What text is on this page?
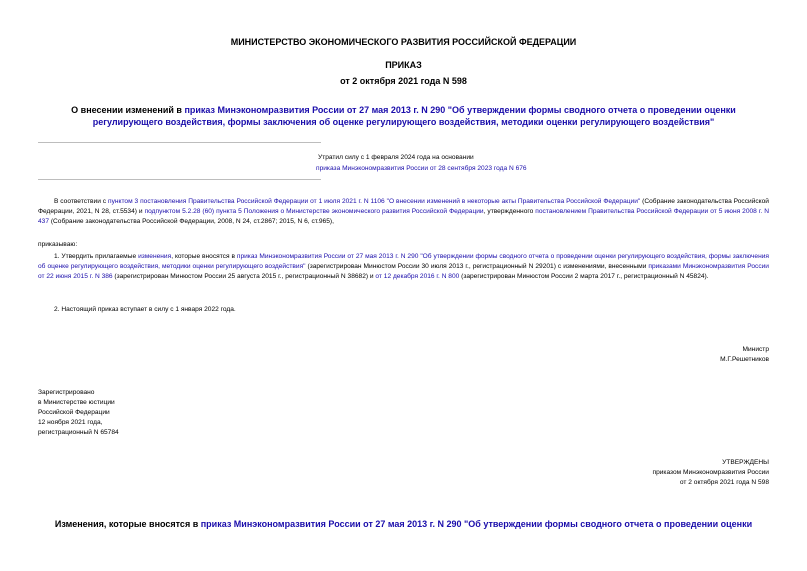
МИНИСТЕРСТВО ЭКОНОМИЧЕСКОГО РАЗВИТИЯ РОССИЙСКОЙ ФЕДЕРАЦИИ
ПРИКАЗ
от 2 октября 2021 года N 598
О внесении изменений в приказ Минэкономразвития России от 27 мая 2013 г. N 290 "Об утверждении формы сводного отчета о проведении оценки регулирующего воздействия, формы заключения об оценке регулирующего воздействия, методики оценки регулирующего воздействия"
Утратил силу с 1 февраля 2024 года на основании
приказа Минэкономразвития России от 28 сентября 2023 года N 676
В соответствии с пунктом 3 постановления Правительства Российской Федерации от 1 июля 2021 г. N 1106 "О внесении изменений в некоторые акты Правительства Российской Федерации" (Собрание законодательства Российской Федерации, 2021, N 28, ст.5534) и подпунктом 5.2.28 (60) пункта 5 Положения о Министерстве экономического развития Российской Федерации, утвержденного постановлением Правительства Российской Федерации от 5 июня 2008 г. N 437 (Собрание законодательства Российской Федерации, 2008, N 24, ст.2867; 2015, N 6, ст.965),
приказываю:
1. Утвердить прилагаемые изменения, которые вносятся в приказ Минэкономразвития России от 27 мая 2013 г. N 290 "Об утверждении формы сводного отчета о проведении оценки регулирующего воздействия, формы заключения об оценке регулирующего воздействия, методики оценки регулирующего воздействия" (зарегистрирован Минюстом России 30 июля 2013 г., регистрационный N 29201) с изменениями, внесенными приказами Минэкономразвития России от 22 июня 2015 г. N 386 (зарегистрирован Минюстом России 25 августа 2015 г., регистрационный N 38682) и от 12 декабря 2016 г. N 800 (зарегистрирован Минюстом России 2 марта 2017 г., регистрационный N 45824).
2. Настоящий приказ вступает в силу с 1 января 2022 года.
Министр
М.Г.Решетников
Зарегистрировано
в Министерстве юстиции
Российской Федерации
12 ноября 2021 года,
регистрационный N 65784
УТВЕРЖДЕНЫ
приказом Минэкономразвития России
от 2 октября 2021 года N 598
Изменения, которые вносятся в приказ Минэкономразвития России от 27 мая 2013 г. N 290 "Об утверждении формы сводного отчета о проведении оценки
